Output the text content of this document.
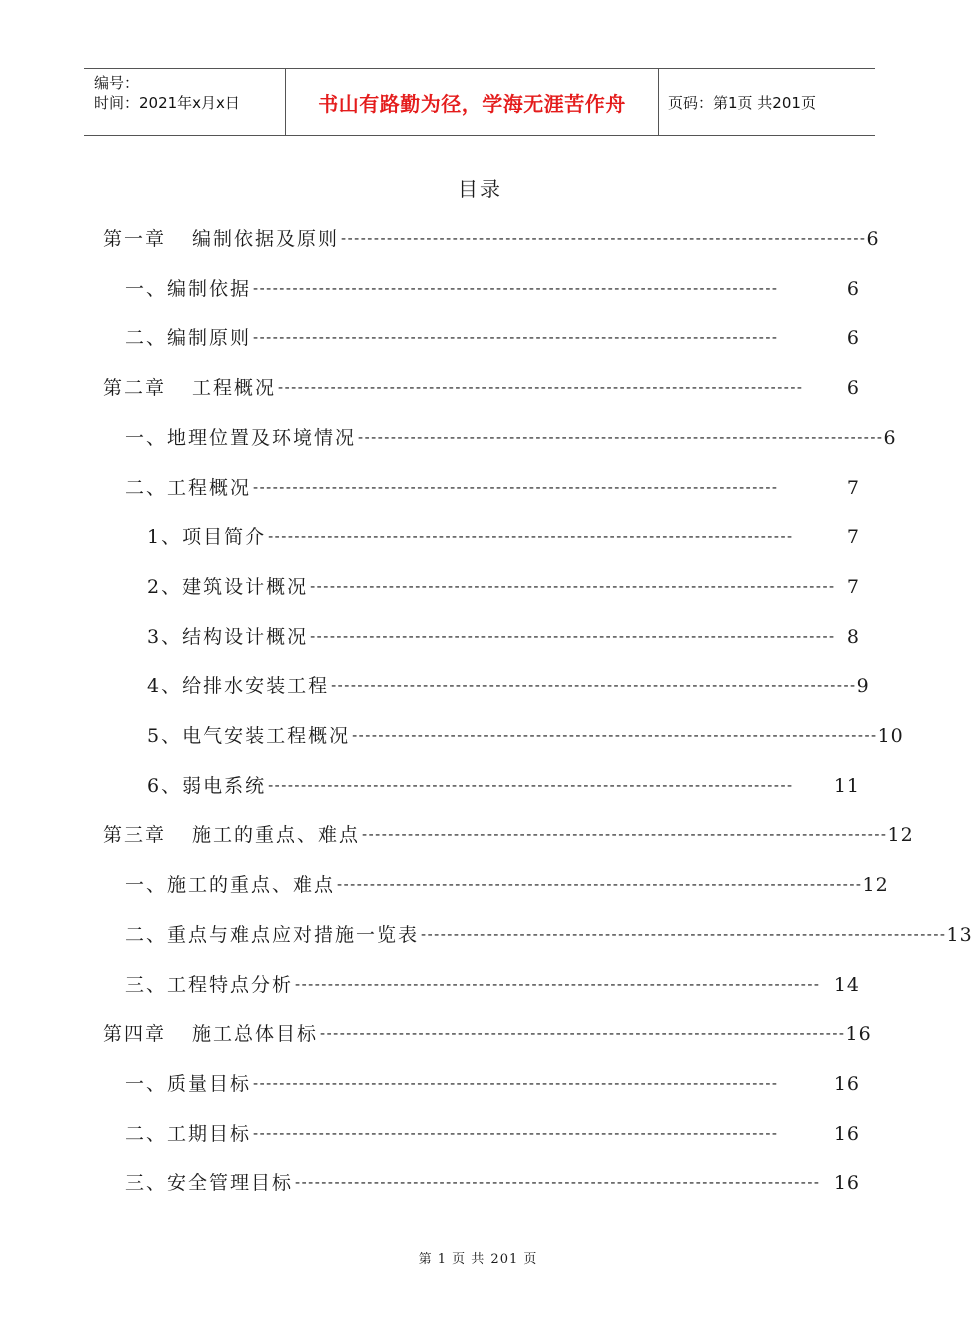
编号：
时间：2021年x月x日	书山有路勤为径，学海无涯苦作舟	页码：第1页 共201页
目录
第一章 编制依据及原则 -------------------------------------------------------------------------------- 6
一、 编制依据 --------------------------------------------------------------------------------	6
二、 编制原则 --------------------------------------------------------------------------------	6
第二章 工程概况 --------------------------------------------------------------------------------	6
一、 地理位置及环境情况 -------------------------------------------------------------------------------- 6
二、 工程概况 --------------------------------------------------------------------------------	7
1、 项目简介 --------------------------------------------------------------------------------	7
2、 建筑设计概况 -------------------------------------------------------------------------------- 7
3、 结构设计概况 -------------------------------------------------------------------------------- 8
4、 给排水安装工程 -------------------------------------------------------------------------------- 9
5、 电气安装工程概况 -------------------------------------------------------------------------------- 10
6、 弱电系统 --------------------------------------------------------------------------------	11
第三章 施工的重点、难点 -------------------------------------------------------------------------------- 12
一、 施工的重点、难点 -------------------------------------------------------------------------------- 12
二、 重点与难点应对措施一览表 -------------------------------------------------------------------------------- 13
三、 工程特点分析 -------------------------------------------------------------------------------- 14
第四章 施工总体目标 -------------------------------------------------------------------------------- 16
一、 质量目标 --------------------------------------------------------------------------------	16
二、 工期目标 --------------------------------------------------------------------------------	16
三、 安全管理目标 -------------------------------------------------------------------------------- 16
第 1 页 共 201 页
